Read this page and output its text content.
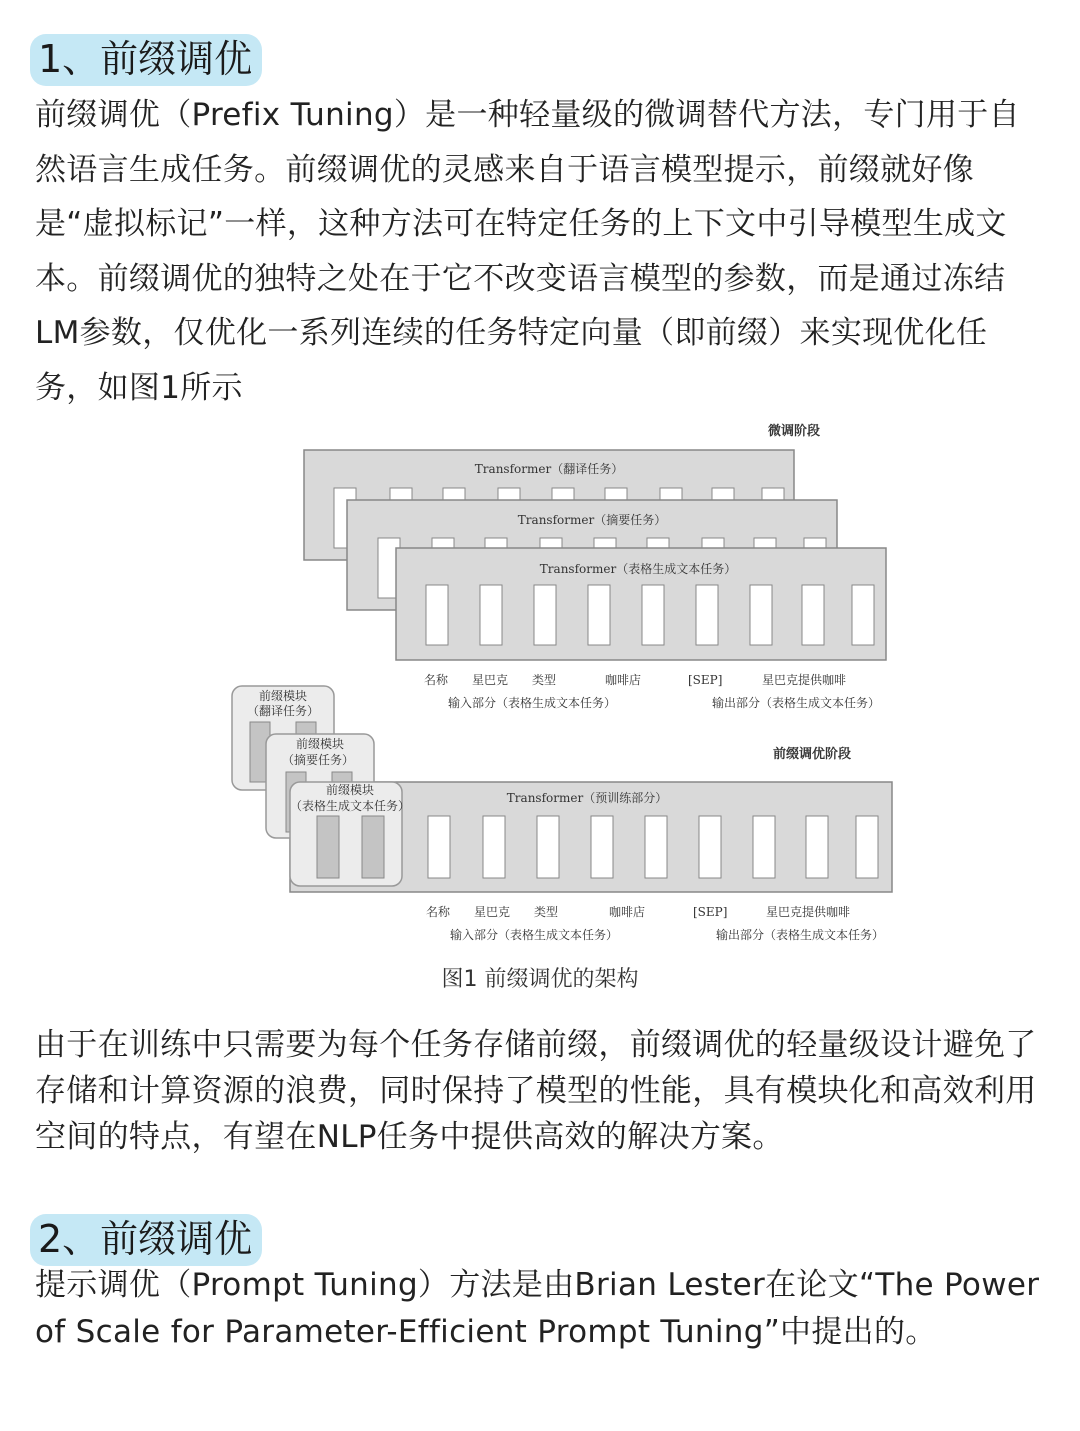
1、前缀调优

前缀调优（Prefix Tuning）是一种轻量级的微调替代方法，专门用于自然语言生成任务。前缀调优的灵感来自于语言模型提示，前缀就好像是“虚拟标记”一样，这种方法可在特定任务的上下文中引导模型生成文本。前缀调优的独特之处在于它不改变语言模型的参数，而是通过冻结LM参数，仅优化一系列连续的任务特定向量（即前缀）来实现优化任务，如图1所示

微调阶段
Transformer（翻译任务）
Transformer（摘要任务）
Transformer（表格生成文本任务）
名称 星巴克 类型	咖啡店	[SEP]	星巴克提供咖啡
输入部分（表格生成文本任务）	输出部分（表格生成文本任务）
前缀调优阶段
Transformer（预训练部分）
前缀模块
（翻译任务）
前缀模块
（摘要任务）
前缀模块
（表格生成文本任务）
名称 星巴克 类型	咖啡店	[SEP]	星巴克提供咖啡
输入部分（表格生成文本任务）	输出部分（表格生成文本任务）
图1 前缀调优的架构

由于在训练中只需要为每个任务存储前缀，前缀调优的轻量级设计避免了存储和计算资源的浪费，同时保持了模型的性能，具有模块化和高效利用空间的特点，有望在NLP任务中提供高效的解决方案。

2、前缀调优

提示调优（Prompt Tuning）方法是由Brian Lester在论文“The Power of Scale for Parameter-Efficient Prompt Tuning”中提出的。
